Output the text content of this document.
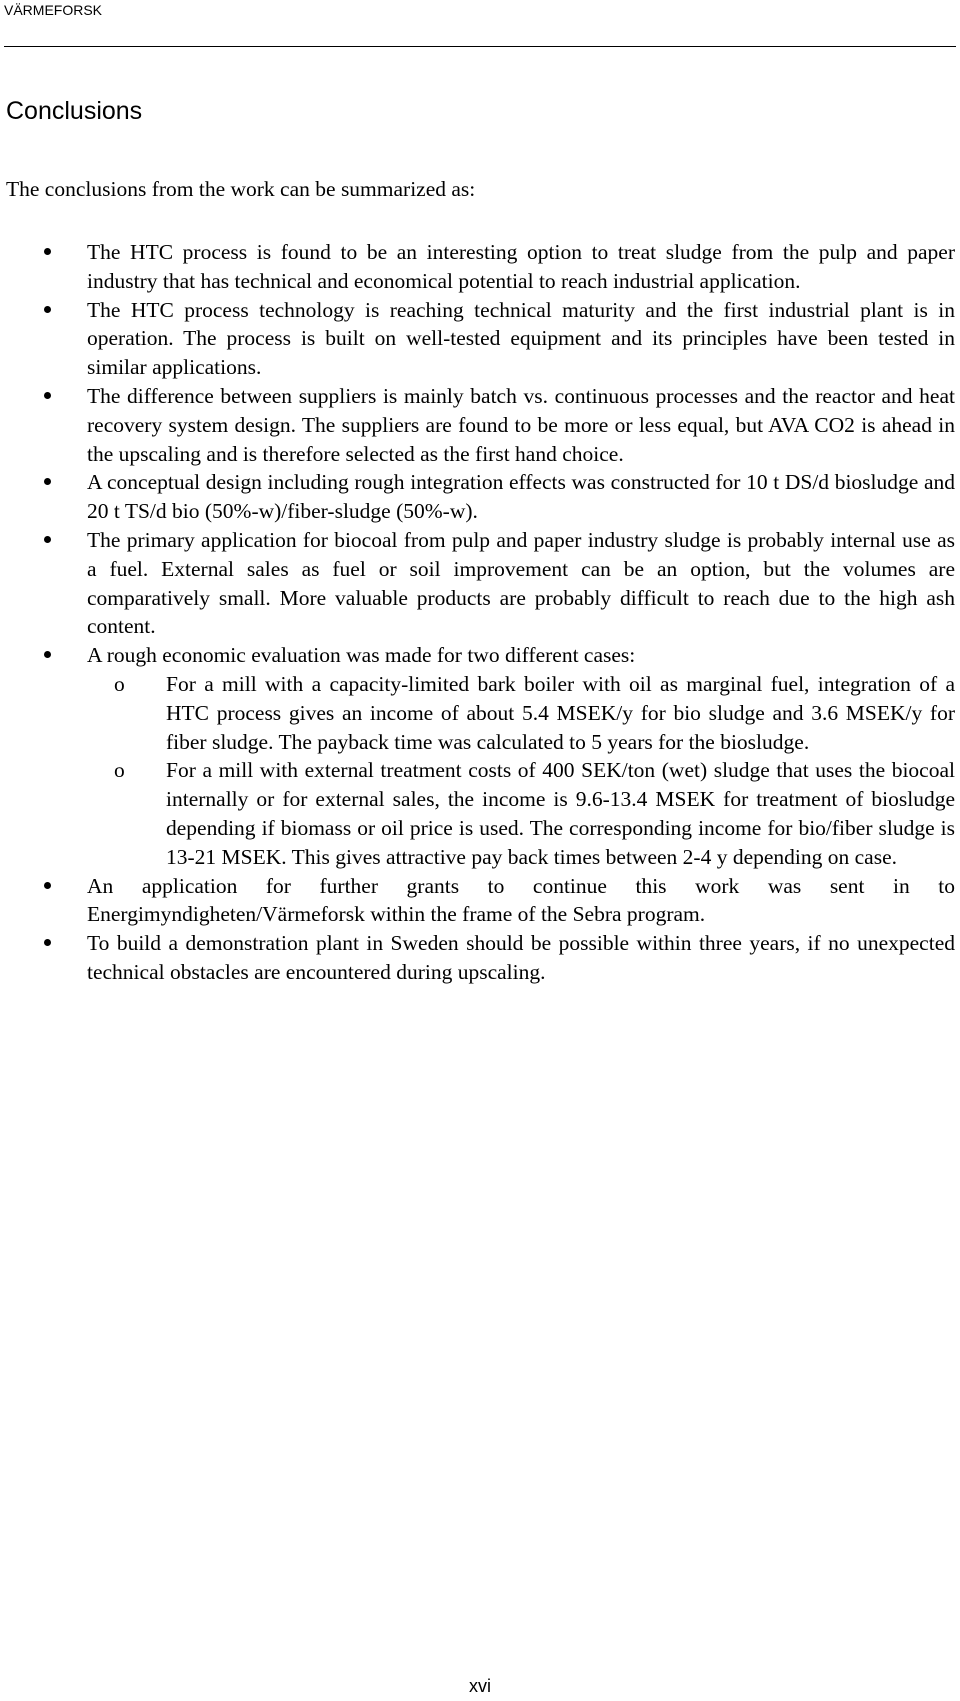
VÄRMEFORSK
Conclusions

The conclusions from the work can be summarized as:

The HTC process is found to be an interesting option to treat sludge from the pulp and paper industry that has technical and economical potential to reach industrial application.
The HTC process technology is reaching technical maturity and the first industrial plant is in operation. The process is built on well-tested equipment and its principles have been tested in similar applications.
The difference between suppliers is mainly batch vs. continuous processes and the reactor and heat recovery system design. The suppliers are found to be more or less equal, but AVA CO2 is ahead in the upscaling and is therefore selected as the first hand choice.
A conceptual design including rough integration effects was constructed for 10 t DS/d biosludge and 20 t TS/d bio (50%-w)/fiber-sludge (50%-w).
The primary application for biocoal from pulp and paper industry sludge is probably internal use as a fuel. External sales as fuel or soil improvement can be an option, but the volumes are comparatively small. More valuable products are probably difficult to reach due to the high ash content.
A rough economic evaluation was made for two different cases:
o For a mill with a capacity-limited bark boiler with oil as marginal fuel, integration of a HTC process gives an income of about 5.4 MSEK/y for bio sludge and 3.6 MSEK/y for fiber sludge. The payback time was calculated to 5 years for the biosludge.
o For a mill with external treatment costs of 400 SEK/ton (wet) sludge that uses the biocoal internally or for external sales, the income is 9.6-13.4 MSEK for treatment of biosludge depending if biomass or oil price is used. The corresponding income for bio/fiber sludge is 13-21 MSEK. This gives attractive pay back times between 2-4 y depending on case.
An application for further grants to continue this work was sent in to Energimyndigheten/Värmeforsk within the frame of the Sebra program.
To build a demonstration plant in Sweden should be possible within three years, if no unexpected technical obstacles are encountered during upscaling.
xvi
